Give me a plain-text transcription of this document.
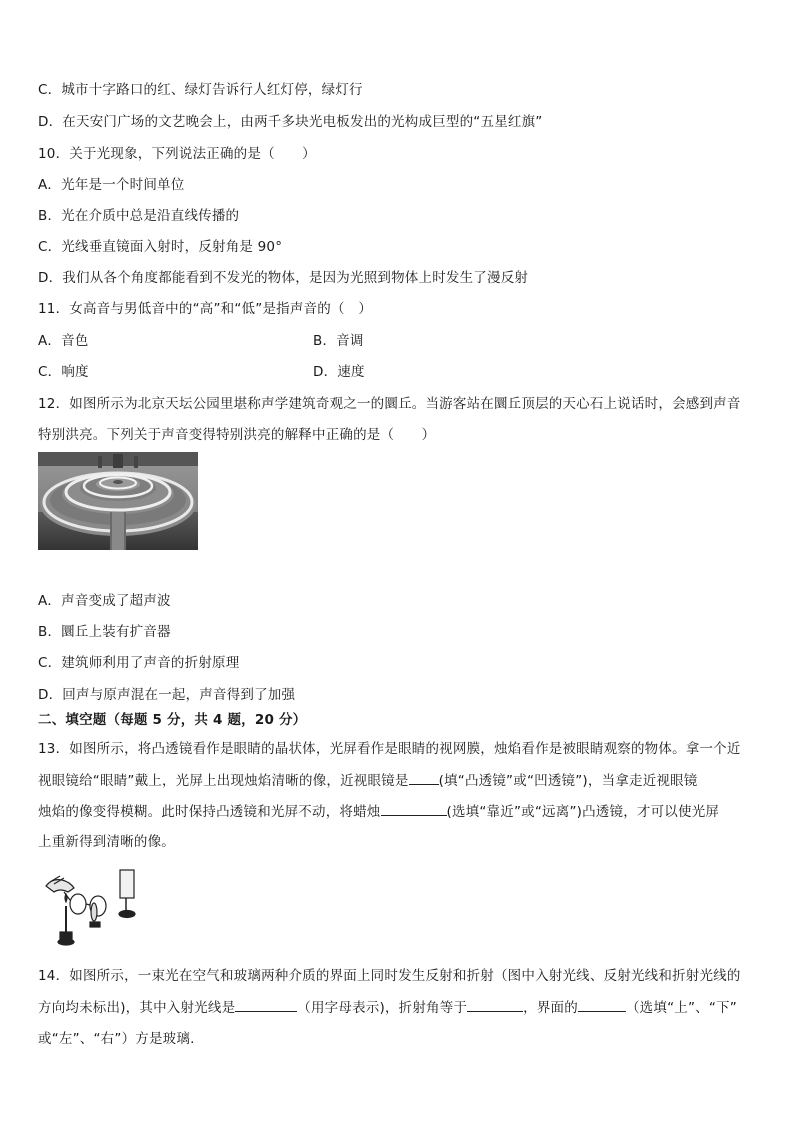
C．城市十字路口的红、绿灯告诉行人红灯停，绿灯行
D．在天安门广场的文艺晚会上，由两千多块光电板发出的光构成巨型的“五星红旗”
10．关于光现象，下列说法正确的是（　　）
A．光年是一个时间单位
B．光在介质中总是沿直线传播的
C．光线垂直镜面入射时，反射角是 90°
D．我们从各个角度都能看到不发光的物体，是因为光照到物体上时发生了漫反射
11．女高音与男低音中的“高”和“低”是指声音的（　）
A．音色	B．音调
C．响度	D．速度
12．如图所示为北京天坛公园里堪称声学建筑奇观之一的圜丘。当游客站在圜丘顶层的天心石上说话时，会感到声音
特别洪亮。下列关于声音变得特别洪亮的解释中正确的是（　　）
A．声音变成了超声波
B．圜丘上装有扩音器
C．建筑师利用了声音的折射原理
D．回声与原声混在一起，声音得到了加强
二、填空题（每题 5 分，共 4 题，20 分）
13．如图所示，将凸透镜看作是眼睛的晶状体，光屏看作是眼睛的视网膜，烛焰看作是被眼睛观察的物体。拿一个近
视眼镜给“眼睛”戴上，光屏上出现烛焰清晰的像，近视眼镜是 (填“凸透镜”或“凹透镜”)，当拿走近视眼镜
烛焰的像变得模糊。此时保持凸透镜和光屏不动，将蜡烛	(选填“靠近”或“远离”)凸透镜，才可以使光屏
上重新得到清晰的像。
14．如图所示，一束光在空气和玻璃两种介质的界面上同时发生反射和折射（图中入射光线、反射光线和折射光线的
方向均未标出)，其中入射光线是	（用字母表示)，折射角等于	，界面的	（选填“上”、“下”
或“左”、“右”）方是玻璃.
